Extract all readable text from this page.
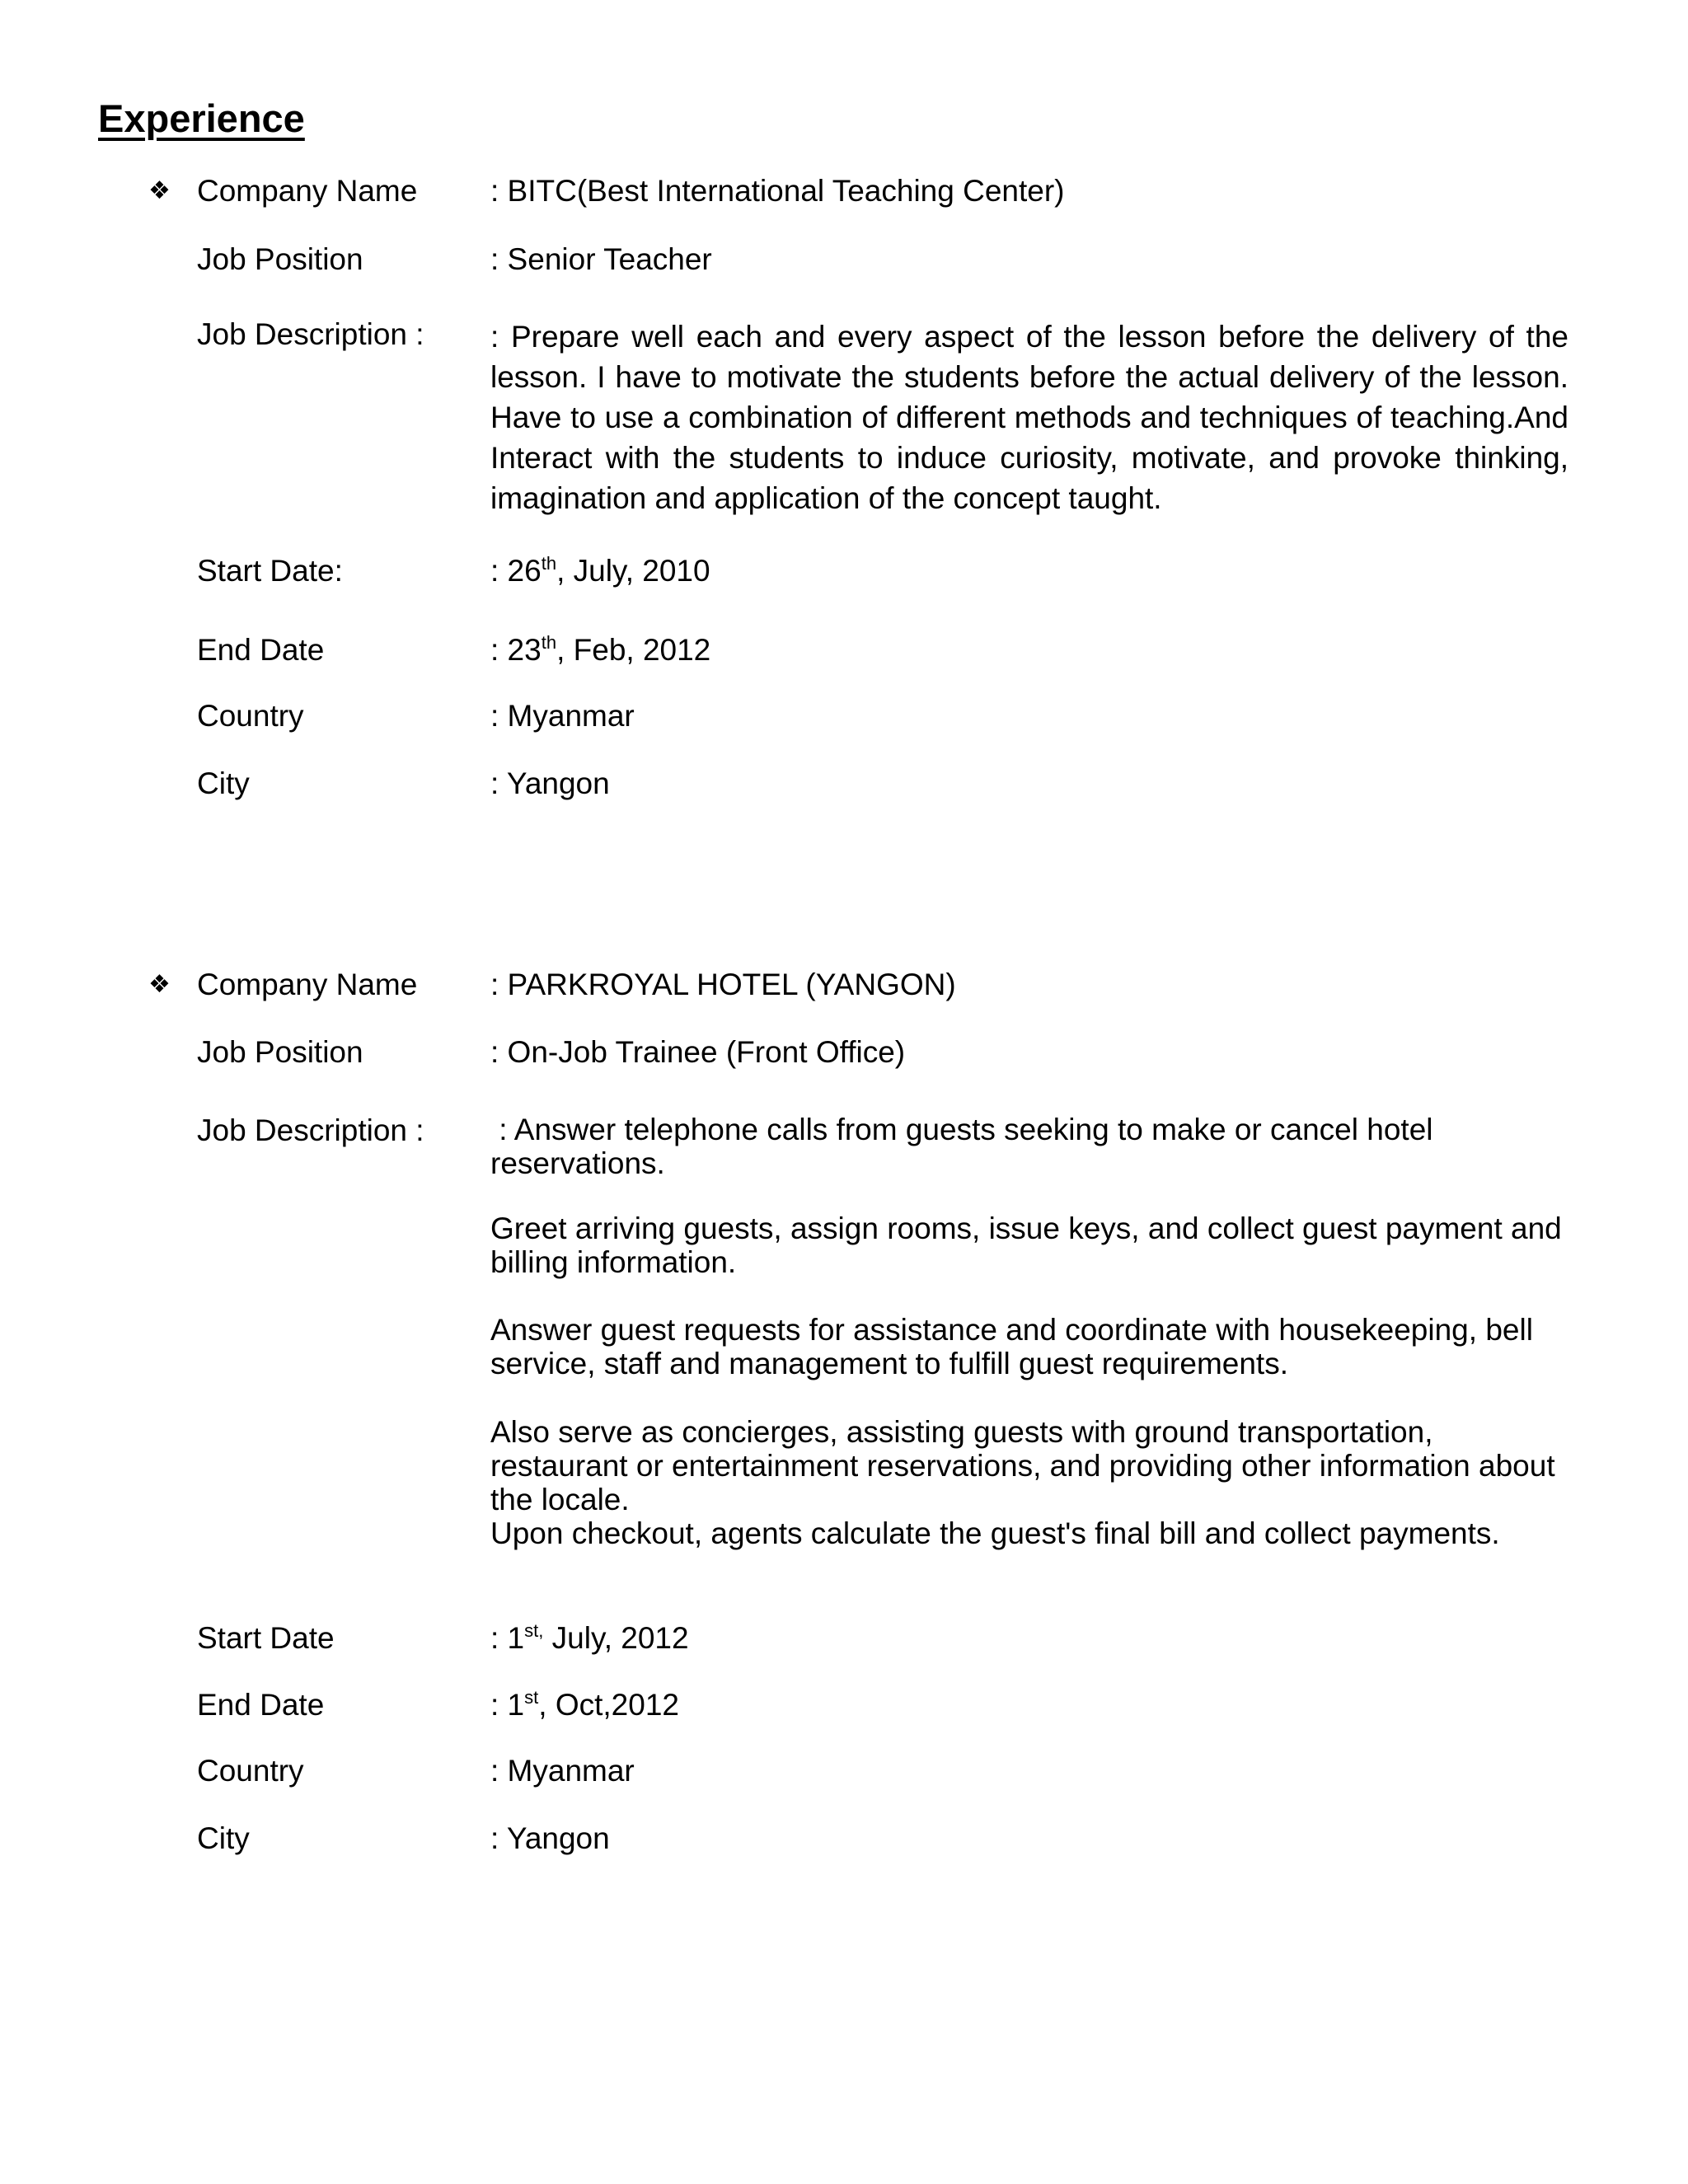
Experience
❖ Company Name : BITC(Best International Teaching Center)
Job Position	: Senior Teacher
Job Description : : Prepare well each and every aspect of the lesson before the delivery of the lesson. I have to motivate the students before the actual delivery of the lesson. Have to use a combination of different methods and techniques of teaching.And Interact with the students to induce curiosity, motivate, and provoke thinking, imagination and application of the concept taught.
Start Date:	: 26th, July, 2010
End Date	: 23th, Feb, 2012
Country	: Myanmar
City	: Yangon
❖ Company Name : PARKROYAL HOTEL (YANGON)
Job Position	: On-Job Trainee (Front Office)
Job Description : : Answer telephone calls from guests seeking to make or cancel hotel reservations.
Greet arriving guests, assign rooms, issue keys, and collect guest payment and billing information.
Answer guest requests for assistance and coordinate with housekeeping, bell service, staff and management to fulfill guest requirements.
Also serve as concierges, assisting guests with ground transportation, restaurant or entertainment reservations, and providing other information about the locale.
Upon checkout, agents calculate the guest's final bill and collect payments.
Start Date	: $1^{st,}$ July, 2012
End Date	: 1st, Oct,2012
Country	: Myanmar
City	: Yangon
